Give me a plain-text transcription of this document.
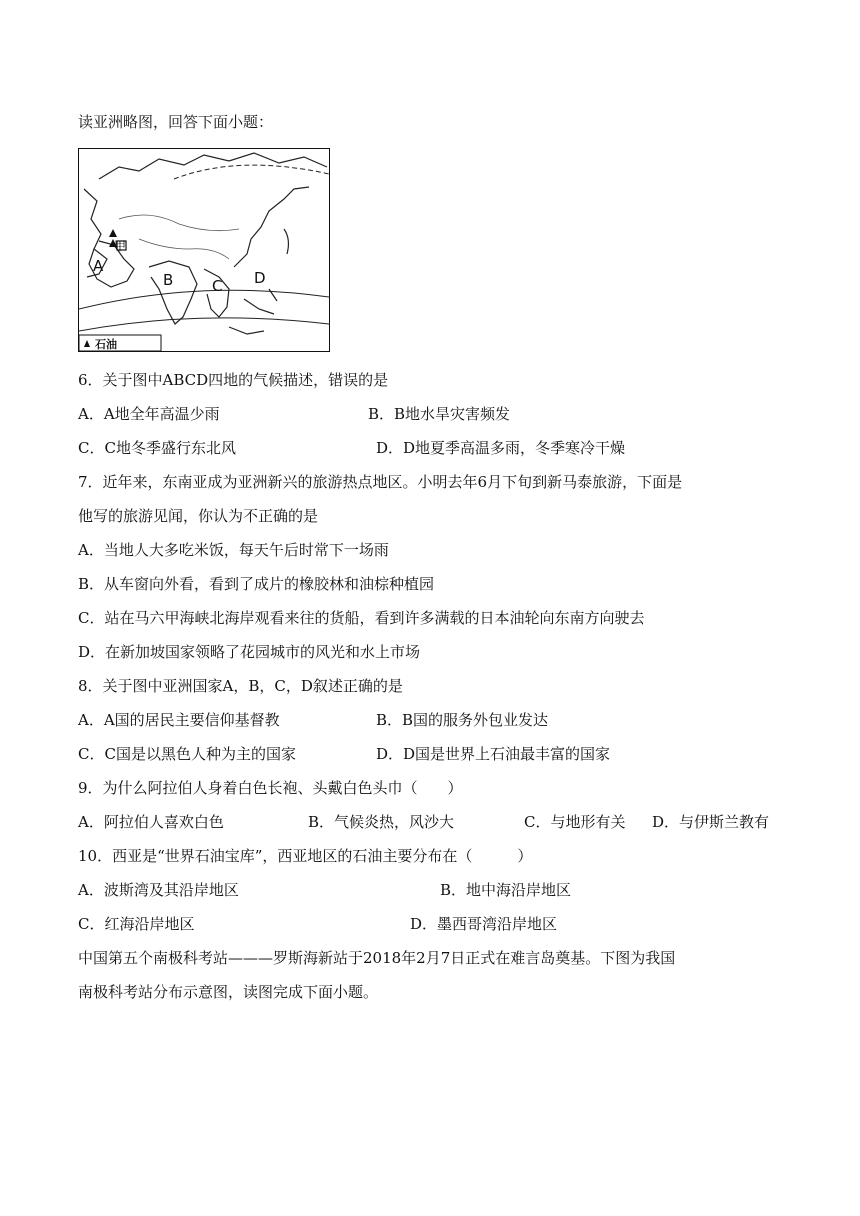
读亚洲略图，回答下面小题：
A
甲
B	C D
石油
6．关于图中ABCD四地的气候描述，错误的是
A．A地全年高温少雨	B．B地水旱灾害频发
C．C地冬季盛行东北风	D．D地夏季高温多雨，冬季寒冷干燥
7．近年来，东南亚成为亚洲新兴的旅游热点地区。小明去年6月下旬到新马泰旅游，下面是
他写的旅游见闻，你认为不正确的是
A．当地人大多吃米饭，每天午后时常下一场雨
B．从车窗向外看，看到了成片的橡胶林和油棕种植园
C．站在马六甲海峡北海岸观看来往的货船，看到许多满载的日本油轮向东南方向驶去
D．在新加坡国家领略了花园城市的风光和水上市场
8．关于图中亚洲国家A，B，C，D叙述正确的是
A．A国的居民主要信仰基督教	B．B国的服务外包业发达
C．C国是以黑色人种为主的国家	D．D国是世界上石油最丰富的国家
9．为什么阿拉伯人身着白色长袍、头戴白色头巾（　　）
A．阿拉伯人喜欢白色	B．气候炎热，风沙大	C．与地形有关 D．与伊斯兰教有
10．西亚是“世界石油宝库”，西亚地区的石油主要分布在（　　　）
A．波斯湾及其沿岸地区	B．地中海沿岸地区
C．红海沿岸地区	D．墨西哥湾沿岸地区
中国第五个南极科考站———罗斯海新站于2018年2月7日正式在难言岛奠基。下图为我国
南极科考站分布示意图，读图完成下面小题。
